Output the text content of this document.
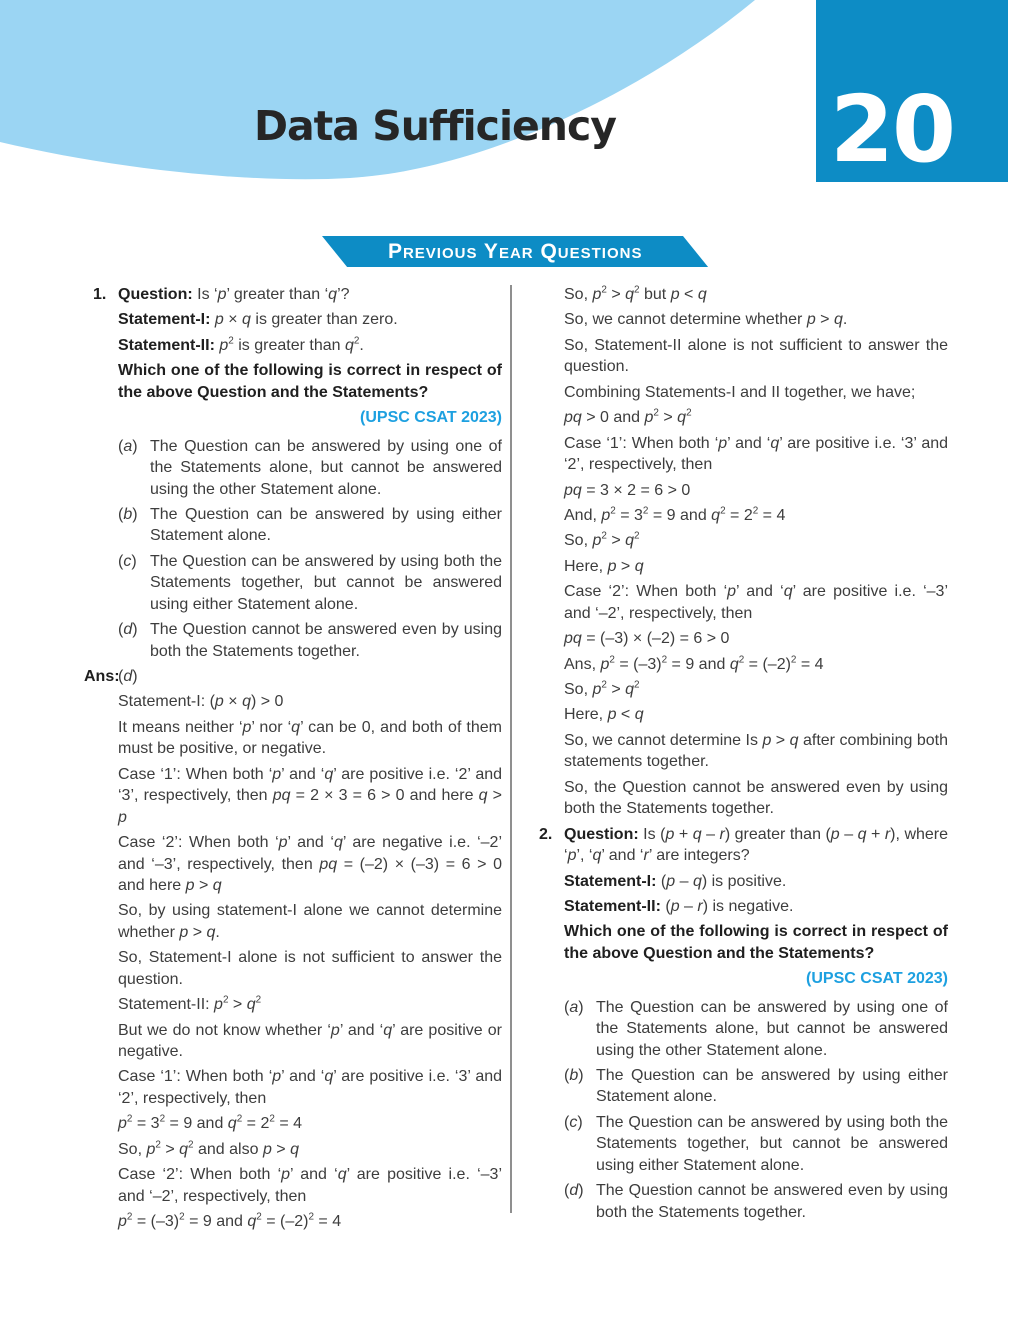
Data Sufficiency	20
Previous Year Questions
1. Question: Is ‘p’ greater than ‘q’?
Statement-I: p × q is greater than zero.
Statement-II: $p^2$ is greater than $q^2$.
Which one of the following is correct in respect of the above Question and the Statements?
(UPSC CSAT 2023)
(a) The Question can be answered by using one of the Statements alone, but cannot be answered using the other Statement alone.
(b) The Question can be answered by using either Statement alone.
(c) The Question can be answered by using both the Statements together, but cannot be answered using either Statement alone.
(d) The Question cannot be answered even by using both the Statements together.
Ans:
(d)
Statement-I: (p × q) > 0
It means neither ‘p’ nor ‘q’ can be 0, and both of them must be positive, or negative.
Case ‘1’: When both ‘p’ and ‘q’ are positive i.e. ‘2’ and ‘3’, respectively, then pq = 2 × 3 = 6 > 0 and here q > p
Case ‘2’: When both ‘p’ and ‘q’ are negative i.e. ‘–2’ and ‘–3’, respectively, then pq = (–2) × (–3) = 6 > 0 and here p > q
So, by using statement-I alone we cannot determine whether p > q.
So, Statement-I alone is not sufficient to answer the question.
Statement-II: $p^2 > q^2$
But we do not know whether ‘p’ and ‘q’ are positive or negative.
Case ‘1’: When both ‘p’ and ‘q’ are positive i.e. ‘3’ and ‘2’, respectively, then
$p^2 = 3^2 = 9$ and $q^2 = 2^2 = 4$
So, $p^2 > q^2$ and also p > q
Case ‘2’: When both ‘p’ and ‘q’ are positive i.e. ‘–3’ and ‘–2’, respectively, then
$p^2 = (-3)^2 = 9$ and $q^2 = (-2)^2 = 4$
So, $p^2 > q^2$ but p < q
So, we cannot determine whether p > q.
So, Statement-II alone is not sufficient to answer the question.
Combining Statements-I and II together, we have;
pq > 0 and $p^2 > q^2$
Case ‘1’: When both ‘p’ and ‘q’ are positive i.e. ‘3’ and ‘2’, respectively, then
pq = 3 × 2 = 6 > 0
And, $p^2 = 3^2 = 9$ and $q^2 = 2^2 = 4$
So, $p^2 > q^2$
Here, p > q
Case ‘2’: When both ‘p’ and ‘q’ are positive i.e. ‘–3’ and ‘–2’, respectively, then
pq = (–3) × (–2) = 6 > 0
Ans, $p^2 = (-3)^2 = 9$ and $q^2 = (-2)^2 = 4$
So, $p^2 > q^2$
Here, p < q
So, we cannot determine Is p > q after combining both statements together.
So, the Question cannot be answered even by using both the Statements together.
2. Question: Is (p + q – r) greater than (p – q + r), where ‘p’, ‘q’ and ‘r’ are integers?
Statement-I: (p – q) is positive.
Statement-II: (p – r) is negative.
Which one of the following is correct in respect of the above Question and the Statements?
(UPSC CSAT 2023)
(a) The Question can be answered by using one of the Statements alone, but cannot be answered using the other Statement alone.
(b) The Question can be answered by using either Statement alone.
(c) The Question can be answered by using both the Statements together, but cannot be answered using either Statement alone.
(d) The Question cannot be answered even by using both the Statements together.
